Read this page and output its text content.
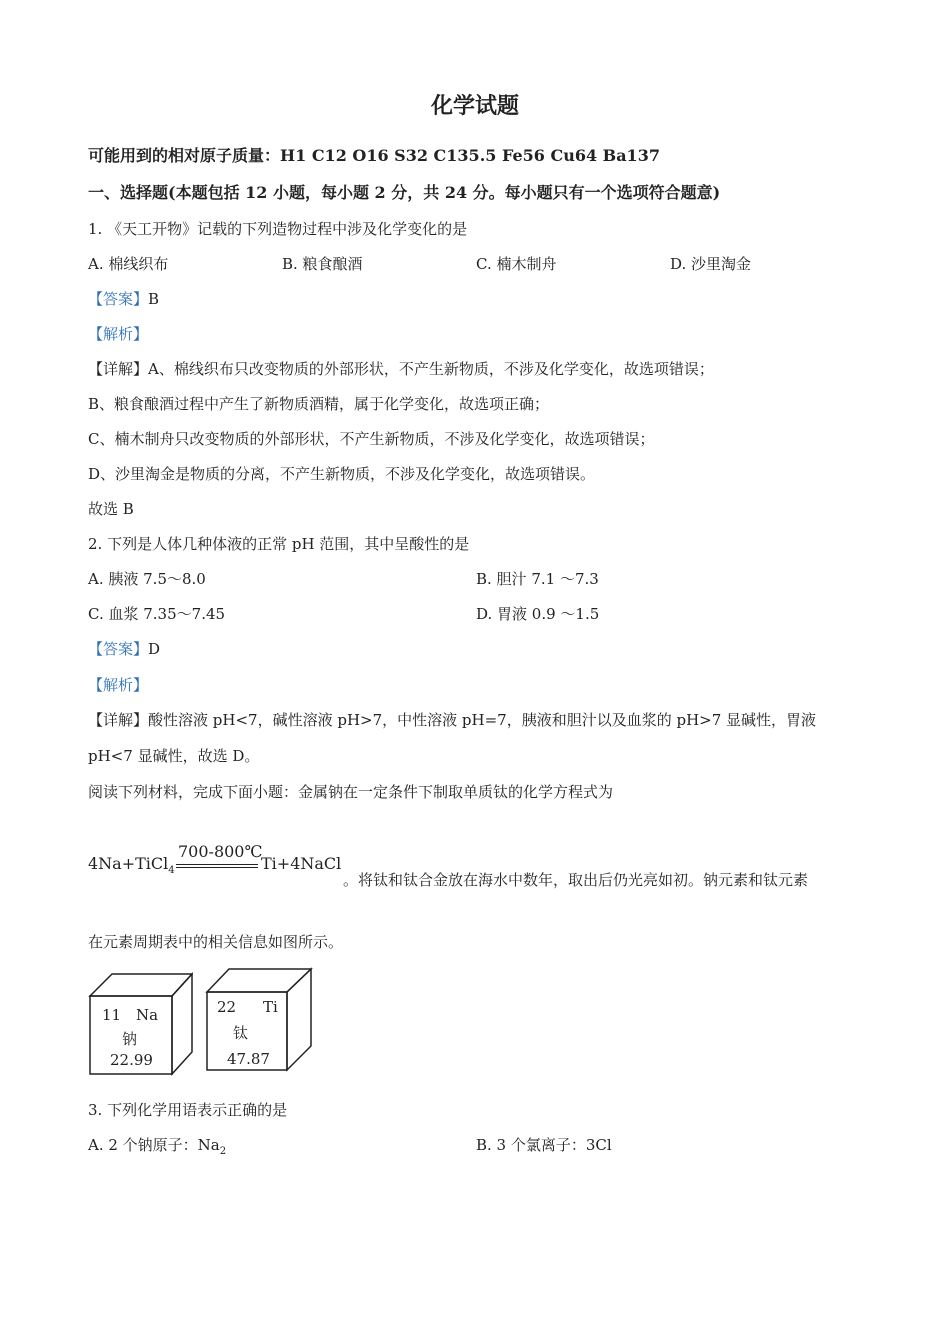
化学试题
可能用到的相对原子质量：H1 C12 O16 S32 C135.5 Fe56 Cu64 Ba137
一、选择题(本题包括 12 小题，每小题 2 分，共 24 分。每小题只有一个选项符合题意)
1. 《天工开物》记载的下列造物过程中涉及化学变化的是
A. 棉线织布	B. 粮食酿酒	C. 楠木制舟	D. 沙里淘金
【答案】B
【解析】
【详解】A、棉线织布只改变物质的外部形状，不产生新物质，不涉及化学变化，故选项错误；
B、粮食酿酒过程中产生了新物质酒精，属于化学变化，故选项正确；
C、楠木制舟只改变物质的外部形状，不产生新物质，不涉及化学变化，故选项错误；
D、沙里淘金是物质的分离，不产生新物质，不涉及化学变化，故选项错误。
故选 B
2. 下列是人体几种体液的正常 pH 范围，其中呈酸性的是
A. 胰液 7.5～8.0	B. 胆汁 7.1 ～7.3
C. 血浆 7.35～7.45	D. 胃液 0.9 ～1.5
【答案】D
【解析】
【详解】酸性溶液 pH<7，碱性溶液 pH>7，中性溶液 pH=7，胰液和胆汁以及血浆的 pH>7 显碱性，胃液
pH<7 显碱性，故选 D。
阅读下列材料，完成下面小题：金属钠在一定条件下制取单质钛的化学方程式为
4Na+TiCl$_4$
700-800℃
Ti+4NaCl
。将钛和钛合金放在海水中数年，取出后仍光亮如初。钠元素和钛元素
在元素周期表中的相关信息如图所示。
11 Na
钠
22.99
22 Ti
钛
47.87
3. 下列化学用语表示正确的是
A. 2 个钠原子：$Na_2$	B. 3 个氯离子：3Cl
